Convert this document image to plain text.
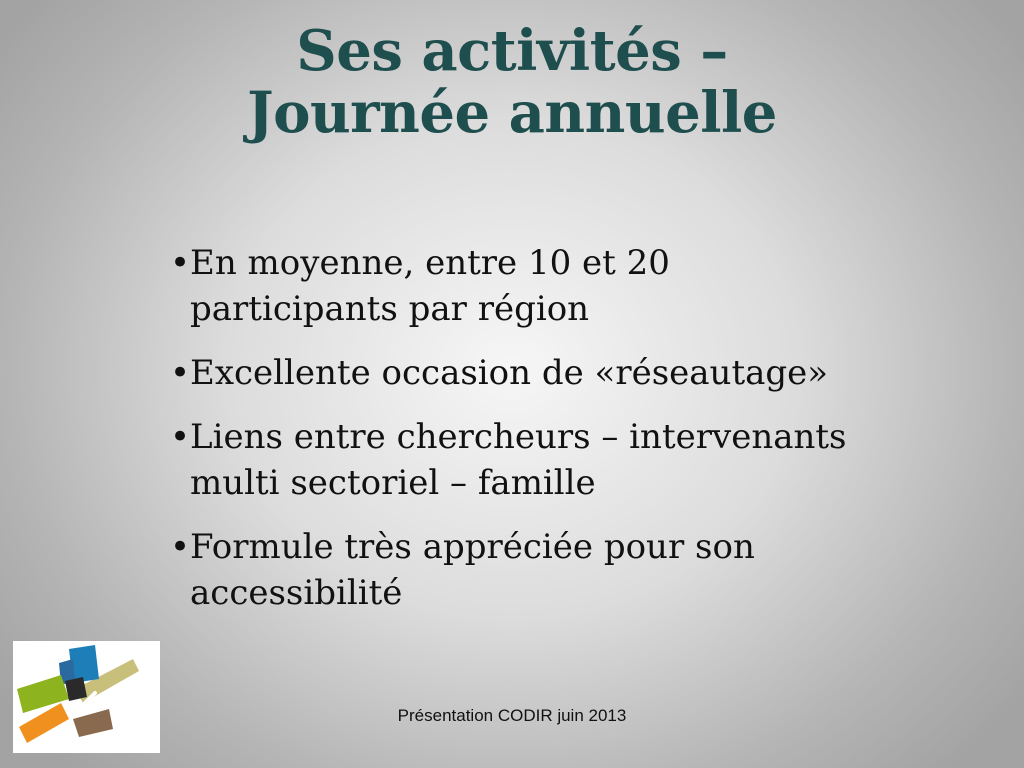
Ses activités –
Journée annuelle
• En moyenne, entre 10 et 20
participants par région
• Excellente occasion de «réseautage»
• Liens entre chercheurs – intervenants
multi sectoriel – famille
• Formule très appréciée pour son
accessibilité
Présentation CODIR juin 2013
